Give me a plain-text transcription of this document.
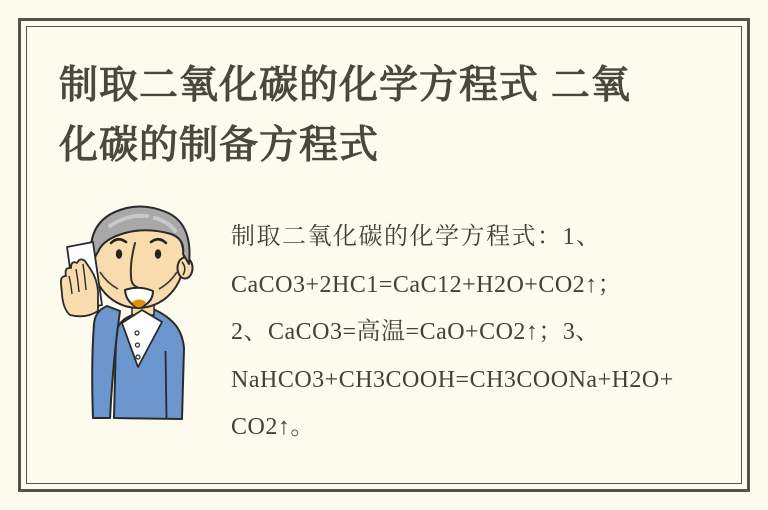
制取二氧化碳的化学方程式 二氧
化碳的制备方程式
制取二氧化碳的化学方程式：1、
CaCO3+2HC1=CaC12+H2O+CO2↑；
2、CaCO3=高温=CaO+CO2↑；3、
NaHCO3+CH3COOH=CH3COONa+H2O+
CO2↑。
